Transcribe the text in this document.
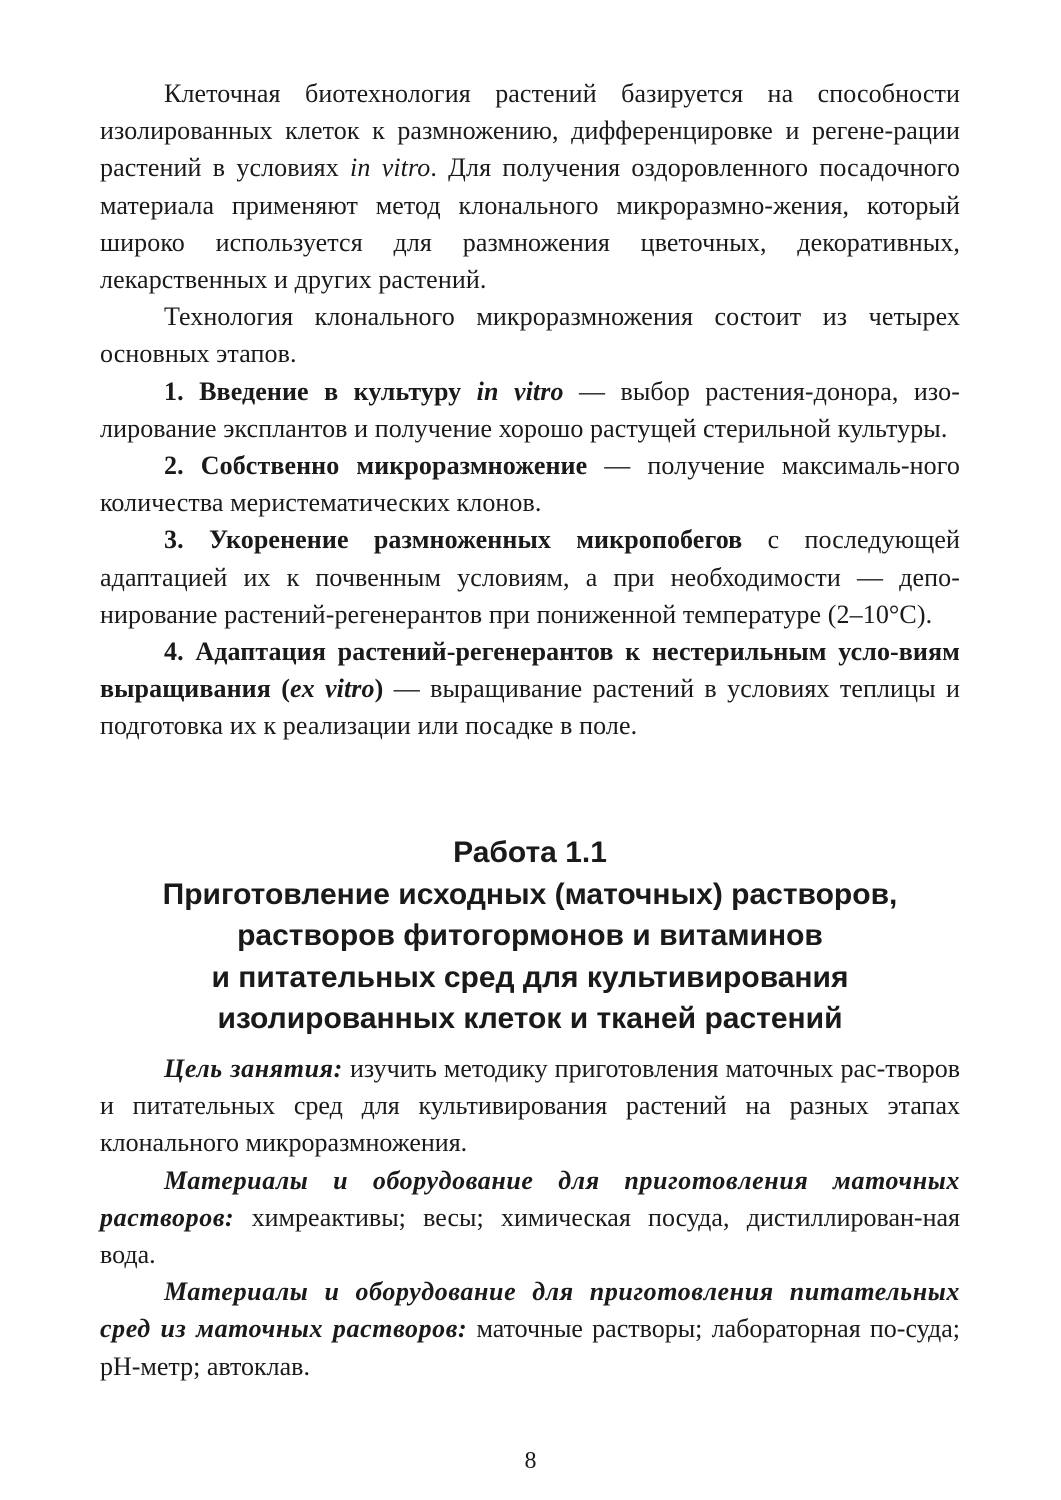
Клеточная биотехнология растений базируется на способности изолированных клеток к размножению, дифференцировке и регене-рации растений в условиях in vitro. Для получения оздоровленного посадочного материала применяют метод клонального микроразмно-жения, который широко используется для размножения цветочных, декоративных, лекарственных и других растений.

Технология клонального микроразмножения состоит из четырех основных этапов.

1. Введение в культуру in vitro — выбор растения-донора, изо-лирование эксплантов и получение хорошо растущей стерильной культуры.

2. Собственно микроразмножение — получение максималь-ного количества меристематических клонов.

3. Укоренение размноженных микропобегов с последующей адаптацией их к почвенным условиям, а при необходимости — депо-нирование растений-регенерантов при пониженной температуре (2–10°С).

4. Адаптация растений-регенерантов к нестерильным усло-виям выращивания (ex vitro) — выращивание растений в условиях теплицы и подготовка их к реализации или посадке в поле.

Работа 1.1
Приготовление исходных (маточных) растворов,
растворов фитогормонов и витаминов
и питательных сред для культивирования
изолированных клеток и тканей растений

Цель занятия: изучить методику приготовления маточных рас-творов и питательных сред для культивирования растений на разных этапах клонального микроразмножения.

Материалы и оборудование для приготовления маточных растворов: химреактивы; весы; химическая посуда, дистиллирован-ная вода.

Материалы и оборудование для приготовления питательных сред из маточных растворов: маточные растворы; лабораторная по-суда; рН-метр; автоклав.

8
